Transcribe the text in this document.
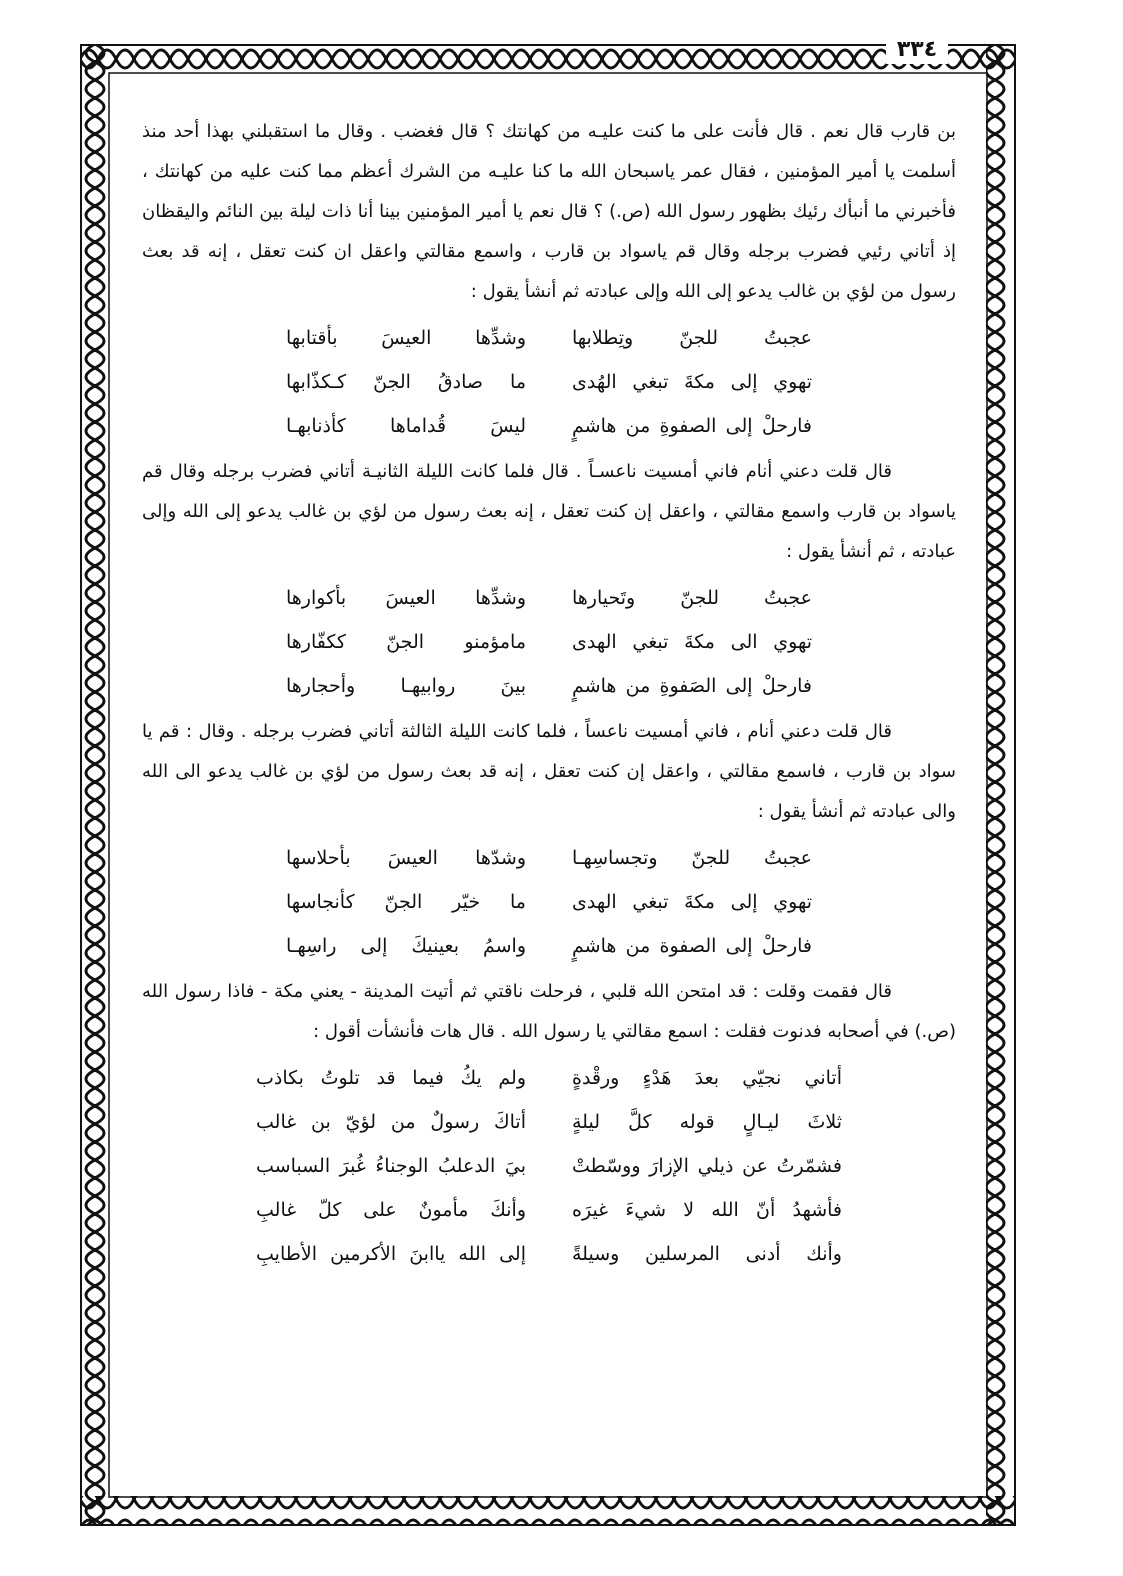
٣٣٤

بن قارب قال نعم . قال فأنت على ما كنت عليـه من كهانتك ؟ قال فغضب . وقال ما استقبلني بهذا أحد منذ أسلمت يا أمير المؤمنين ، فقال عمر ياسبحان الله ما كنا عليـه من الشرك أعظم مما كنت عليه من كهانتك ، فأخبرني ما أنبأك رئيك بظهور رسول الله (ص.) ؟ قال نعم يا أمير المؤمنين بينا أنا ذات ليلة بين النائم واليقظان إذ أتاني رئيي فضرب برجله وقال قم ياسواد بن قارب ، واسمع مقالتي واعقل ان كنت تعقل ، إنه قد بعث رسول من لؤي بن غالب يدعو إلى الله وإلى عبادته ثم أنشأ يقول :

عجبتُ للجنّ وتِطلابها
وشدِّها العيسَ بأقتابها
تهوي إلى مكةَ تبغي الهُدى
ما صادقُ الجنّ كـكذّابها
فارحلْ إلى الصفوةِ من هاشمٍ
ليسَ قُداماها كأذنابهـا

قال قلت دعني أنام فاني أمسيت ناعسـاً . قال فلما كانت الليلة الثانيـة أتاني فضرب برجله وقال قم ياسواد بن قارب واسمع مقالتي ، واعقل إن كنت تعقل ، إنه بعث رسول من لؤي بن غالب يدعو إلى الله وإلى عبادته ، ثم أنشأ يقول :

عجبتُ للجنّ وتَحيارها
وشدِّها العيسَ بأكوارها
تهوي الى مكةَ تبغي الهدى
مامؤمنو الجنّ ككفّارها
فارحلْ إلى الصَفوةِ من هاشمٍ
بينَ روابيهـا وأحجارها

قال قلت دعني أنام ، فاني أمسيت ناعساً ، فلما كانت الليلة الثالثة أتاني فضرب برجله . وقال : قم يا سواد بن قارب ، فاسمع مقالتي ، واعقل إن كنت تعقل ، إنه قد بعث رسول من لؤي بن غالب يدعو الى الله والى عبادته ثم أنشأ يقول :

عجبتُ للجنّ وتجساسِهـا
وشدّها العيسَ بأحلاسها
تهوي إلى مكةَ تبغي الهدى
ما خيّر الجنّ كأنجاسها
فارحلْ إلى الصفوة من هاشمٍ
واسمُ بعينيكَ إلى راسِهـا

قال فقمت وقلت : قد امتحن الله قلبي ، فرحلت ناقتي ثم أتيت المدينة - يعني مكة - فاذا رسول الله (ص.) في أصحابه فدنوت فقلت : اسمع مقالتي يا رسول الله . قال هات فأنشأت أقول :

أتاني نجيّي بعدَ هَدْءٍ ورقْدةٍ
ولم يكُ فيما قد تلوتُ بكاذب
ثلاثَ ليـالٍ قوله كلَّ ليلةٍ
أتاكَ رسولٌ من لؤيّ بن غالب
فشمّرتُ عن ذيلي الإزارَ ووسّطتْ
بيَ الدعلبُ الوجناءُ غُبرَ السباسب
فأشهدُ أنّ الله لا شيءَ غيرَه
وأنكَ مأمونٌ على كلّ غالبِ
وأنك أدنى المرسلين وسيلةً
إلى الله ياابنَ الأكرمين الأطايبِ
